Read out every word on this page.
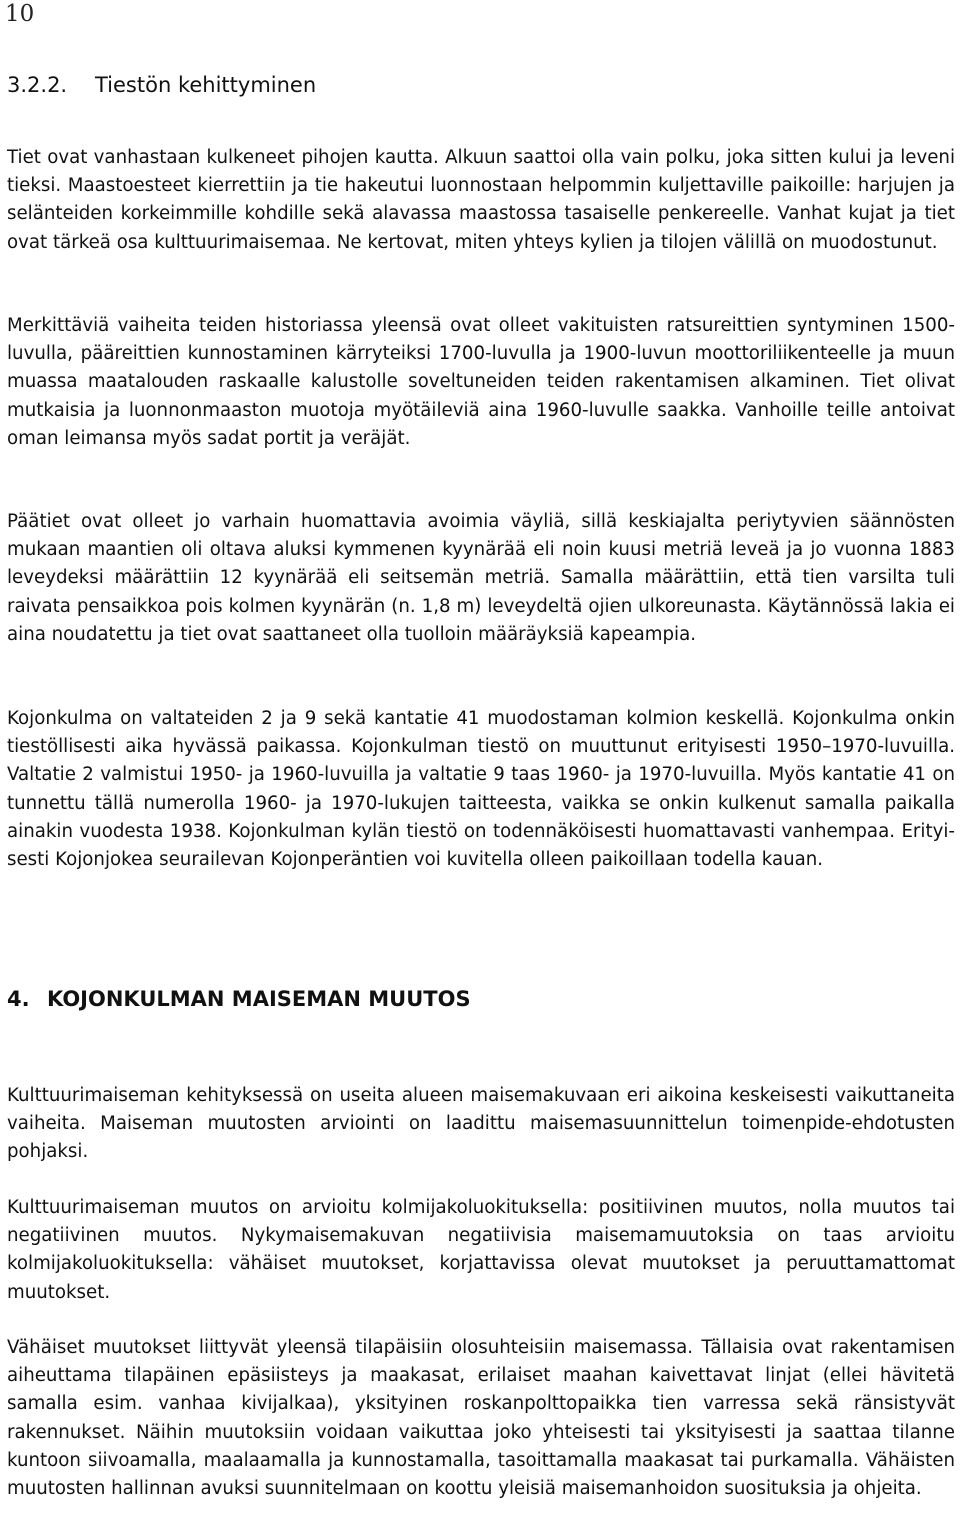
10
3.2.2. Tiestön kehittyminen

Tiet ovat vanhastaan kulkeneet pihojen kautta. Alkuun saattoi olla vain polku, joka sitten kului ja leveni tieksi. Maastoesteet kierrettiin ja tie hakeutui luonnostaan helpommin kuljettaville paikoille: harjujen ja selänteiden korkeimmille kohdille sekä alavassa maastossa tasaiselle penkereelle. Vanhat kujat ja tiet ovat tärkeä osa kulttuurimaisemaa. Ne kertovat, miten yhteys kylien ja tilojen välillä on muodostunut.

Merkittäviä vaiheita teiden historiassa yleensä ovat olleet vakituisten ratsureittien syntyminen 1500-luvulla, pääreittien kunnostaminen kärryteiksi 1700-luvulla ja 1900-luvun moottoriliikenteelle ja muun muassa maatalouden raskaalle kalustolle soveltuneiden teiden rakentamisen alkaminen. Tiet olivat mutkaisia ja luonnonmaaston muotoja myötäileviä aina 1960-luvulle saakka. Vanhoille teille antoivat oman leimansa myös sadat portit ja veräjät.

Päätiet ovat olleet jo varhain huomattavia avoimia väyliä, sillä keskiajalta periytyvien säännösten mukaan maantien oli oltava aluksi kymmenen kyynärää eli noin kuusi metriä leveä ja jo vuonna 1883 leveydeksi määrättiin 12 kyynärää eli seitsemän metriä. Samalla määrättiin, että tien varsilta tuli raivata pensaikkoa pois kolmen kyynärän (n. 1,8 m) leveydeltä ojien ulkoreunasta. Käytännössä lakia ei aina noudatettu ja tiet ovat saattaneet olla tuolloin määräyksiä kapeampia.

Kojonkulma on valtateiden 2 ja 9 sekä kantatie 41 muodostaman kolmion keskellä. Kojonkulma onkin tiestöllisesti aika hyvässä paikassa. Kojonkulman tiestö on muuttunut erityisesti 1950–1970-luvuilla. Valtatie 2 valmistui 1950- ja 1960-luvuilla ja valtatie 9 taas 1960- ja 1970-luvuilla. Myös kantatie 41 on tunnettu tällä numerolla 1960- ja 1970-lukujen taitteesta, vaikka se onkin kulkenut samalla paikalla ainakin vuodesta 1938. Kojonkulman kylän tiestö on todennäköisesti huomattavasti vanhempaa. Erityisesti Kojonjokea seurailevan Kojonperäntien voi kuvitella olleen paikoillaan todella kauan.

4. KOJONKULMAN MAISEMAN MUUTOS

Kulttuurimaiseman kehityksessä on useita alueen maisemakuvaan eri aikoina keskeisesti vaikuttaneita vaiheita. Maiseman muutosten arviointi on laadittu maisemasuunnittelun toimenpide-ehdotusten pohjaksi.

Kulttuurimaiseman muutos on arvioitu kolmijakoluokituksella: positiivinen muutos, nolla muutos tai negatiivinen muutos. Nykymaisemakuvan negatiivisia maisemamuutoksia on taas arvioitu kolmijakoluokituksella: vähäiset muutokset, korjattavissa olevat muutokset ja peruuttamattomat muutokset.

Vähäiset muutokset liittyvät yleensä tilapäisiin olosuhteisiin maisemassa. Tällaisia ovat rakentamisen aiheuttama tilapäinen epäsiisteys ja maakasat, erilaiset maahan kaivettavat linjat (ellei hävitetä samalla esim. vanhaa kivijalkaa), yksityinen roskanpolttopaikka tien varressa sekä ränsistyvät rakennukset. Näihin muutoksiin voidaan vaikuttaa joko yhteisesti tai yksityisesti ja saattaa tilanne kuntoon siivoamalla, maalaamalla ja kunnostamalla, tasoittamalla maakasat tai purkamalla. Vähäisten muutosten hallinnan avuksi suunnitelmaan on koottu yleisiä maisemanhoidon suosituksia ja ohjeita.
